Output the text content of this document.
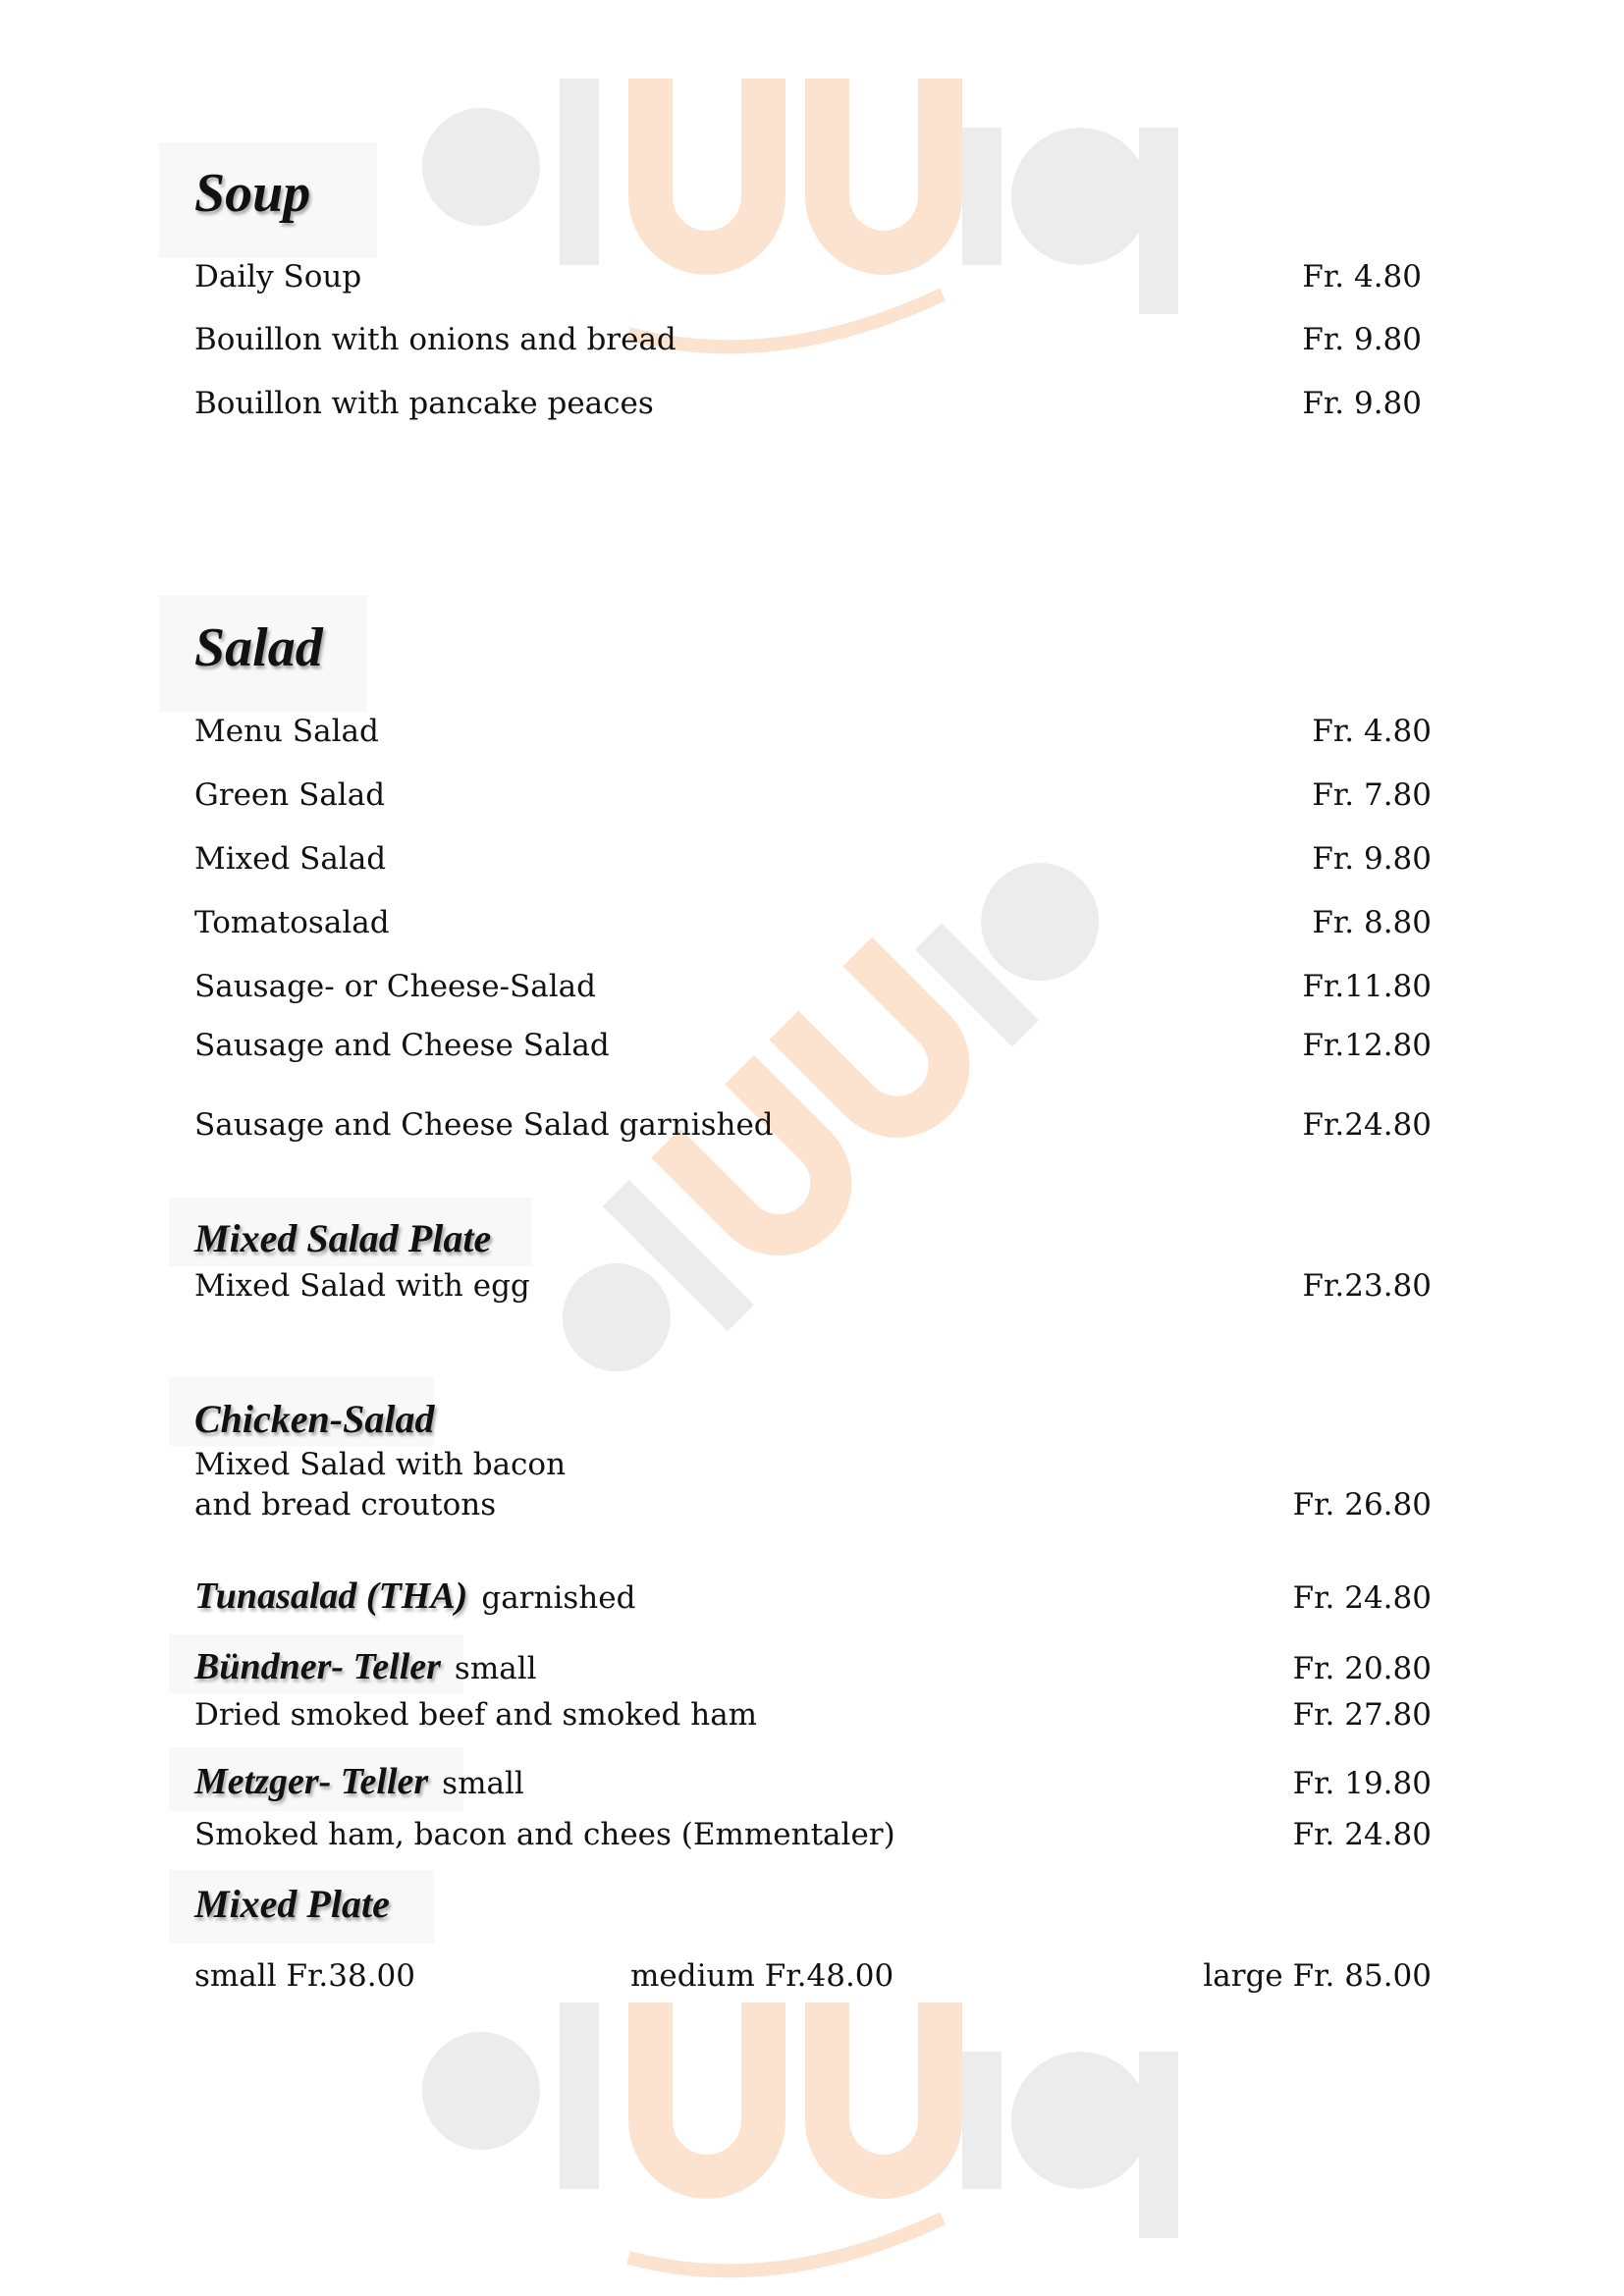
Soup
Daily Soup	Fr. 4.80
Bouillon with onions and bread	Fr. 9.80
Bouillon with pancake peaces	Fr. 9.80
Salad
Menu Salad	Fr. 4.80
Green Salad	Fr. 7.80
Mixed Salad	Fr. 9.80
Tomatosalad	Fr. 8.80
Sausage- or Cheese-Salad	Fr.11.80
Sausage and Cheese Salad	Fr.12.80
Sausage and Cheese Salad garnished	Fr.24.80
Mixed Salad Plate
Mixed Salad with egg	Fr.23.80
Chicken-Salad
Mixed Salad with bacon
and bread croutons	Fr. 26.80
Tunasalad (THA) garnished	Fr. 24.80
Bündner- Teller small	Fr. 20.80
Dried smoked beef and smoked ham	Fr. 27.80
Metzger- Teller small	Fr. 19.80
Smoked ham, bacon and chees (Emmentaler)	Fr. 24.80
Mixed Plate
small Fr.38.00	medium Fr.48.00	large Fr. 85.00
